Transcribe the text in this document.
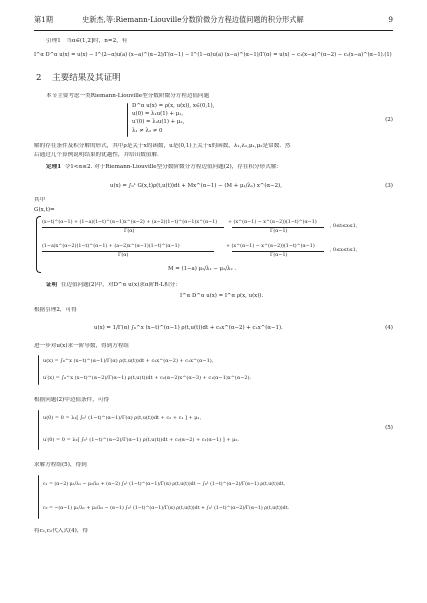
第1期	史新杰,等:Riemann-Liouville分数阶微分方程边值问题的积分形式解	9
引理1　当α∈(1,2]时，n=2，有
I^α D^α u(x) = u(x) − I^(2−α)u(a) (x−a)^(α−2)/Γ(α−1) − I^(1−α)u(a) (x−a)^(α−1)/Γ(α) = u(x) − c₁(x−a)^(α−2) − c₂(x−a)^(α−1).(1)
2 主要结果及其证明
本节主要考虑一类Riemann-Liouville型分数阶微分方程边值问题
D^α u(x) = ρ(x, u(x)), x∈(0,1),
u(0) = λ₁u(1) + μ₁,
u′(0) = λ₂u(1) + μ₂,
λ₁ ≠ λ₂ ≠ 0
(2)
解的存在条件及积分解的形式，其中ρ是关于x的函数，u是(0,1)上关于x的函数，λ₁,λ₂,μ₁,μ₂是常数．然
后通过几个算例说明结果的优越性，并给出数值解．
定理1 令1<α≤2. 对于Riemann-Liouville型分数阶微分方程边值问题(2)，存在积分形式解：
u(x) = ∫₀¹ G(x,t)ρ(t,u(t))dt + Mx^(α−1) − (M + μ₁/λ₁) x^(α−2),	(3)
其中
G(x,t)=
(x−t)^(α−1) + (1−a)(1−t)^(α−1)x^(α−2) + (a−2)(1−t)^(α−1)x^(α−1)
Γ(α)
+ (x^(α−1) − x^(α−2))(1−t)^(α−1)
Γ(α−1)
, 0≤t≤x≤1,
(1−a)x^(α−2)(1−t)^(α−1) + (a−2)x^(α−1)(1−t)^(α−1)
Γ(α)
+ (x^(α−1) − x^(α−2))(1−t)^(α−1)
Γ(α−1)
, 0≤x≤t≤1,
M = (1−a) μ₂/λ₁ − μ₂/λ₂ .
证明 在边值问题(2)中，对D^α u(x)求α阶R-L积分：
I^α D^α u(x) = I^α ρ(x, u(x)).
根据引理2，可得
u(x) = 1/Γ(α) ∫₀^x (x−t)^(α−1) ρ(t,u(t))dt + c₂x^(α−2) + c₁x^(α−1).	(4)
进一步对u(x)求一阶导数，得到方程组
u(x) = ∫₀^x (x−t)^(α−1)/Γ(α) ρ(t,u(t))dt + c₂x^(α−2) + c₁x^(α−1),
u′(x) = ∫₀^x (x−t)^(α−2)/Γ(α−1) ρ(t,u(t))dt + c₂(α−2)x^(α−3) + c₁(α−1)x^(α−2).
根据问题(2)中边值条件，可得
u(0) = 0 = λ₁[ ∫₀¹ (1−t)^(α−1)/Γ(α) ρ(t,u(t))dt + c₂ + c₁ ] + μ₁,
u′(0) = 0 = λ₂[ ∫₀¹ (1−t)^(α−2)/Γ(α−1) ρ(t,u(t))dt + c₂(α−2) + c₁(α−1) ] + μ₂.
(5)
求解方程组(5)，得到
c₁ = (α−2) μ₁/λ₁ − μ₂/λ₂ + (α−2) ∫₀¹ (1−t)^(α−1)/Γ(α) ρ(t,u(t))dt − ∫₀¹ (1−t)^(α−2)/Γ(α−1) ρ(t,u(t))dt,
c₂ = −(α−1) μ₁/λ₁ + μ₂/λ₂ − (α−1) ∫₀¹ (1−t)^(α−1)/Γ(α) ρ(t,u(t))dt + ∫₀¹ (1−t)^(α−2)/Γ(α−1) ρ(t,u(t))dt.
将c₁,c₂代入式(4)，得
